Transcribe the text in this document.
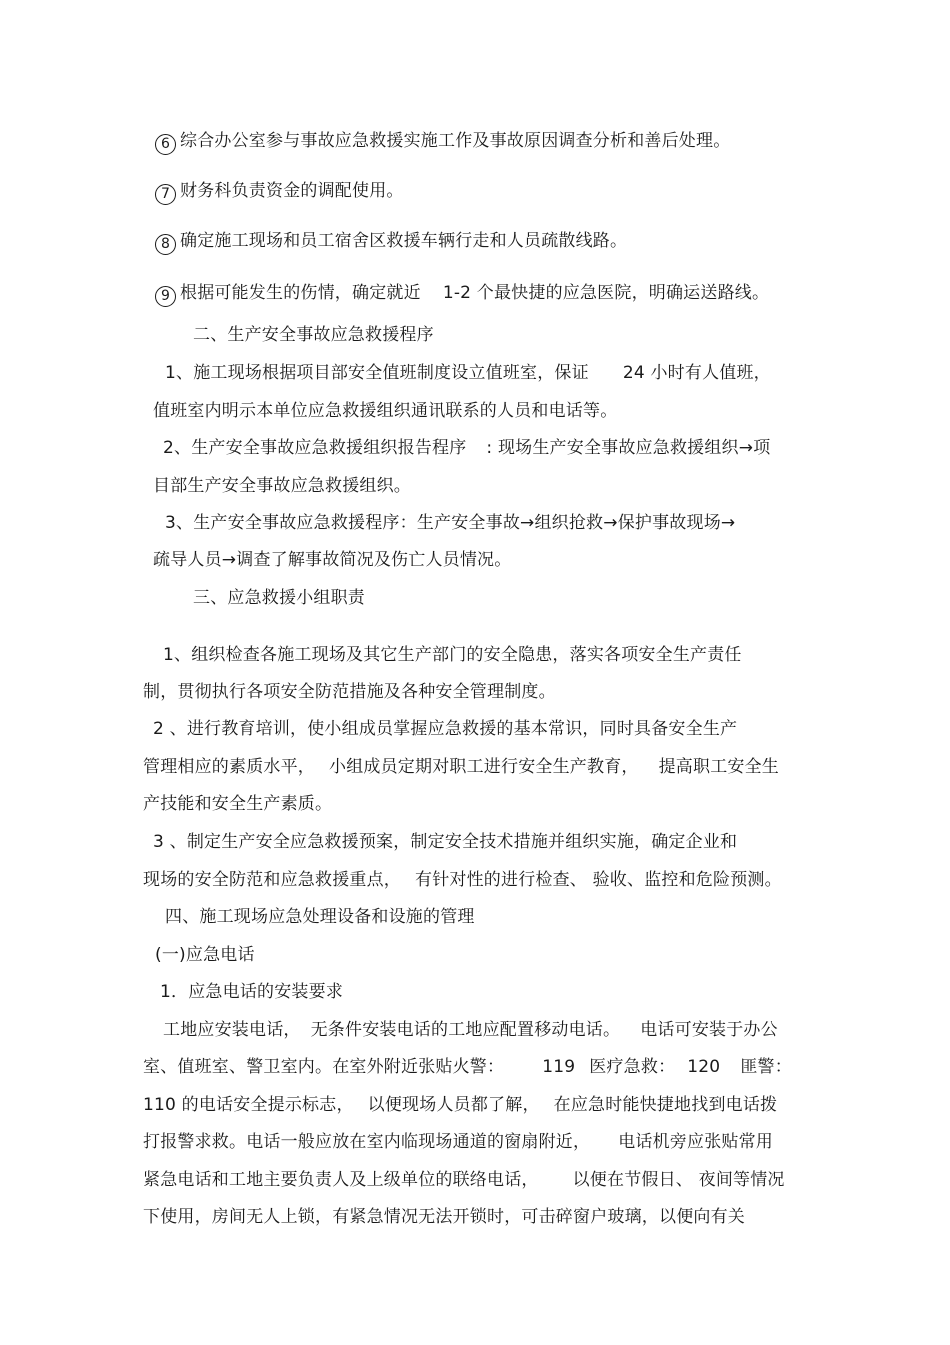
6 综合办公室参与事故应急救援实施工作及事故原因调查分析和善后处理。
7 财务科负责资金的调配使用。
8 确定施工现场和员工宿舍区救援车辆行走和人员疏散线路。
9 根据可能发生的伤情，确定就近 1-2 个最快捷的应急医院，明确运送路线。
二、生产安全事故应急救援程序
1、施工现场根据项目部安全值班制度设立值班室，保证 24 小时有人值班，
值班室内明示本单位应急救援组织通讯联系的人员和电话等。
2、生产安全事故应急救援组织报告程序 : 现场生产安全事故应急救援组织→项
目部生产安全事故应急救援组织。
3、生产安全事故应急救援程序：生产安全事故→组织抢救→保护事故现场→
疏导人员→调查了解事故简况及伤亡人员情况。
三、应急救援小组职责
1、组织检查各施工现场及其它生产部门的安全隐患，落实各项安全生产责任
制，贯彻执行各项安全防范措施及各种安全管理制度。
2 、进行教育培训，使小组成员掌握应急救援的基本常识，同时具备安全生产
管理相应的素质水平， 小组成员定期对职工进行安全生产教育， 提高职工安全生
产技能和安全生产素质。
3 、制定生产安全应急救援预案，制定安全技术措施并组织实施，确定企业和
现场的安全防范和应急救援重点， 有针对性的进行检查、 验收、监控和危险预测。
四、施工现场应急处理设备和设施的管理
(一)应急电话
1．应急电话的安装要求
工地应安装电话， 无条件安装电话的工地应配置移动电话。 电话可安装于办公
室、值班室、警卫室内。在室外附近张贴火警： 119 医疗急救： 120 匪警：
110 的电话安全提示标志， 以便现场人员都了解， 在应急时能快捷地找到电话拨
打报警求救。电话一般应放在室内临现场通道的窗扇附近， 电话机旁应张贴常用
紧急电话和工地主要负责人及上级单位的联络电话， 以便在节假日、 夜间等情况
下使用，房间无人上锁，有紧急情况无法开锁时，可击碎窗户玻璃，以便向有关
